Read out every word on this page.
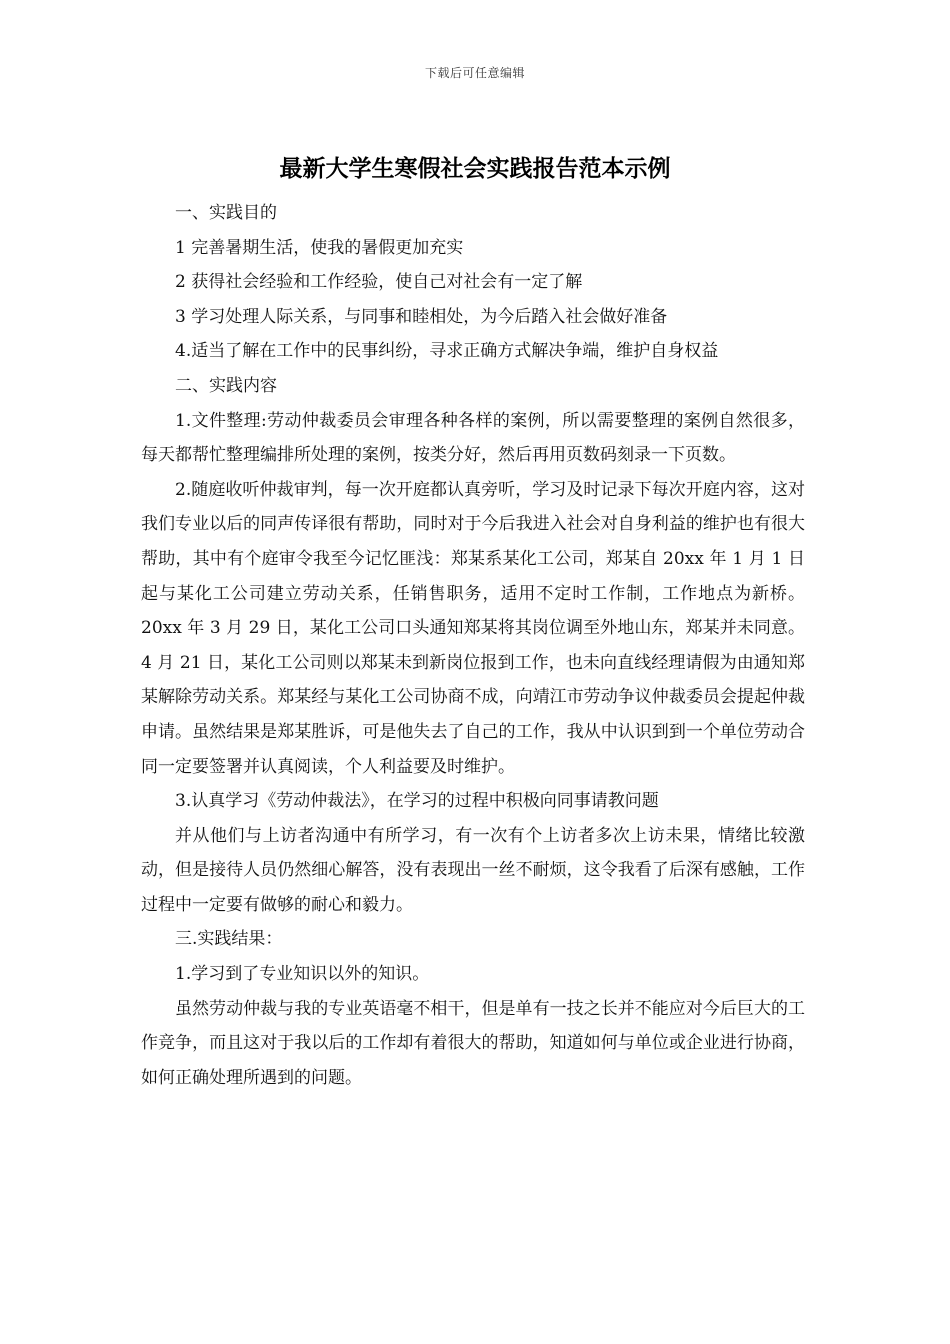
下载后可任意编辑
最新大学生寒假社会实践报告范本示例

一、实践目的

1 完善暑期生活，使我的暑假更加充实

2 获得社会经验和工作经验，使自己对社会有一定了解

3 学习处理人际关系，与同事和睦相处，为今后踏入社会做好准备

4.适当了解在工作中的民事纠纷，寻求正确方式解决争端，维护自身权益

二、实践内容

1.文件整理:劳动仲裁委员会审理各种各样的案例，所以需要整理的案例自然很多，每天都帮忙整理编排所处理的案例，按类分好，然后再用页数码刻录一下页数。

2.随庭收听仲裁审判，每一次开庭都认真旁听，学习及时记录下每次开庭内容，这对我们专业以后的同声传译很有帮助，同时对于今后我进入社会对自身利益的维护也有很大帮助，其中有个庭审令我至今记忆匪浅：郑某系某化工公司，郑某自 20xx 年 1 月 1 日起与某化工公司建立劳动关系，任销售职务，适用不定时工作制，工作地点为新桥。20xx 年 3 月 29 日，某化工公司口头通知郑某将其岗位调至外地山东，郑某并未同意。4 月 21 日，某化工公司则以郑某未到新岗位报到工作，也未向直线经理请假为由通知郑某解除劳动关系。郑某经与某化工公司协商不成，向靖江市劳动争议仲裁委员会提起仲裁申请。虽然结果是郑某胜诉，可是他失去了自己的工作，我从中认识到到一个单位劳动合同一定要签署并认真阅读，个人利益要及时维护。

3.认真学习《劳动仲裁法》，在学习的过程中积极向同事请教问题

并从他们与上访者沟通中有所学习，有一次有个上访者多次上访未果，情绪比较激动，但是接待人员仍然细心解答，没有表现出一丝不耐烦，这令我看了后深有感触，工作过程中一定要有做够的耐心和毅力。

三.实践结果：

1.学习到了专业知识以外的知识。

虽然劳动仲裁与我的专业英语毫不相干，但是单有一技之长并不能应对今后巨大的工作竞争，而且这对于我以后的工作却有着很大的帮助，知道如何与单位或企业进行协商，如何正确处理所遇到的问题。
